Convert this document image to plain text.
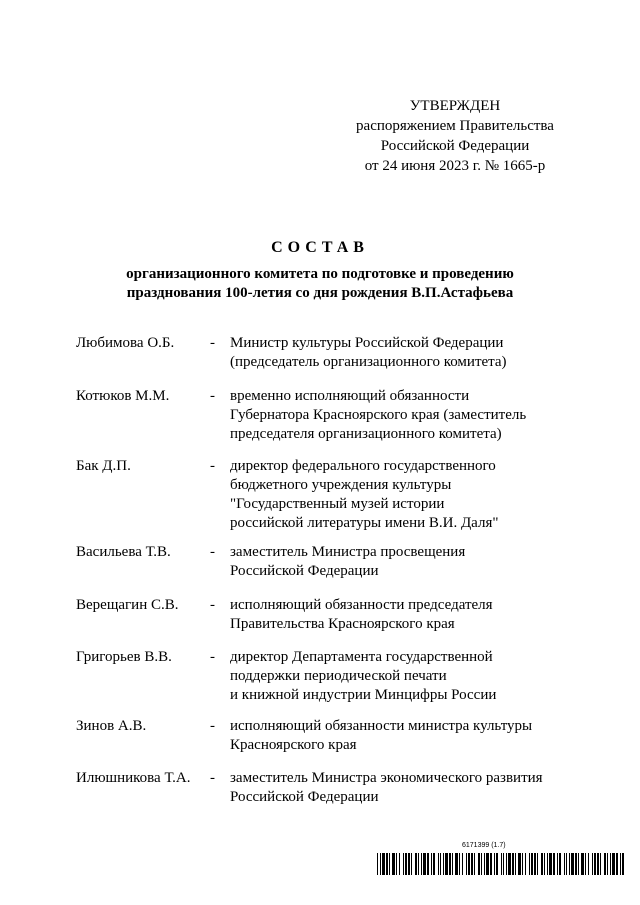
УТВЕРЖДЕН
распоряжением Правительства
Российской Федерации
от 24 июня 2023 г. № 1665-р
СОСТАВ
организационного комитета по подготовке и проведению
празднования 100-летия со дня рождения В.П.Астафьева
Любимова О.Б. - Министр культуры Российской Федерации
(председатель организационного комитета)
Котюков М.М.	- временно исполняющий обязанности
Губернатора Красноярского края (заместитель
председателя организационного комитета)
Бак Д.П.	- директор федерального государственного
бюджетного учреждения культуры
"Государственный музей истории
российской литературы имени В.И. Даля"
Васильева Т.В.	- заместитель Министра просвещения
Российской Федерации
Верещагин С.В. - исполняющий обязанности председателя
Правительства Красноярского края
Григорьев В.В.	- директор Департамента государственной
поддержки периодической печати
и книжной индустрии Минцифры России
Зинов А.В.	- исполняющий обязанности министра культуры
Красноярского края
Илюшникова Т.А. - заместитель Министра экономического развития
Российской Федерации
6171399 (1.7)
